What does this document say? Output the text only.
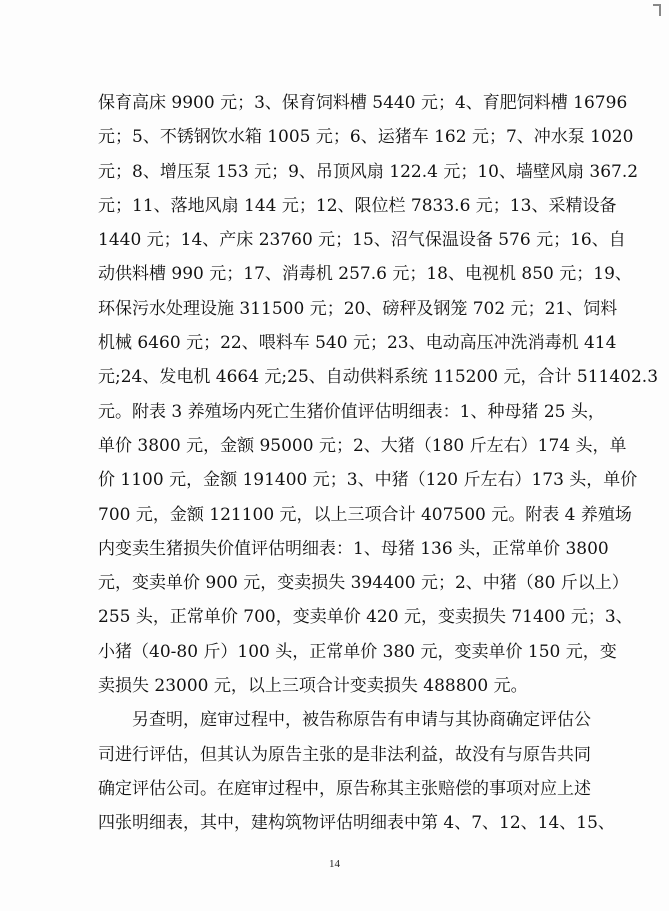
保育高床 9900 元；3、保育饲料槽 5440 元；4、育肥饲料槽 16796
元；5、不锈钢饮水箱 1005 元；6、运猪车 162 元；7、冲水泵 1020
元；8、增压泵 153 元；9、吊顶风扇 122.4 元；10、墙壁风扇 367.2
元；11、落地风扇 144 元；12、限位栏 7833.6 元；13、采精设备
1440 元；14、产床 23760 元；15、沼气保温设备 576 元；16、自
动供料槽 990 元；17、消毒机 257.6 元；18、电视机 850 元；19、
环保污水处理设施 311500 元；20、磅秤及钢笼 702 元；21、饲料
机械 6460 元；22、喂料车 540 元；23、电动高压冲洗消毒机 414
元;24、发电机 4664 元;25、自动供料系统 115200 元，合计 511402.3
元。附表 3 养殖场内死亡生猪价值评估明细表：1、种母猪 25 头，
单价 3800 元，金额 95000 元；2、大猪（180 斤左右）174 头，单
价 1100 元，金额 191400 元；3、中猪（120 斤左右）173 头，单价
700 元，金额 121100 元，以上三项合计 407500 元。附表 4 养殖场
内变卖生猪损失价值评估明细表：1、母猪 136 头，正常单价 3800
元，变卖单价 900 元，变卖损失 394400 元；2、中猪（80 斤以上）
255 头，正常单价 700，变卖单价 420 元，变卖损失 71400 元；3、
小猪（40-80 斤）100 头，正常单价 380 元，变卖单价 150 元，变
卖损失 23000 元，以上三项合计变卖损失 488800 元。
另查明，庭审过程中，被告称原告有申请与其协商确定评估公
司进行评估，但其认为原告主张的是非法利益，故没有与原告共同
确定评估公司。在庭审过程中，原告称其主张赔偿的事项对应上述
四张明细表，其中，建构筑物评估明细表中第 4、7、12、14、15、
14
